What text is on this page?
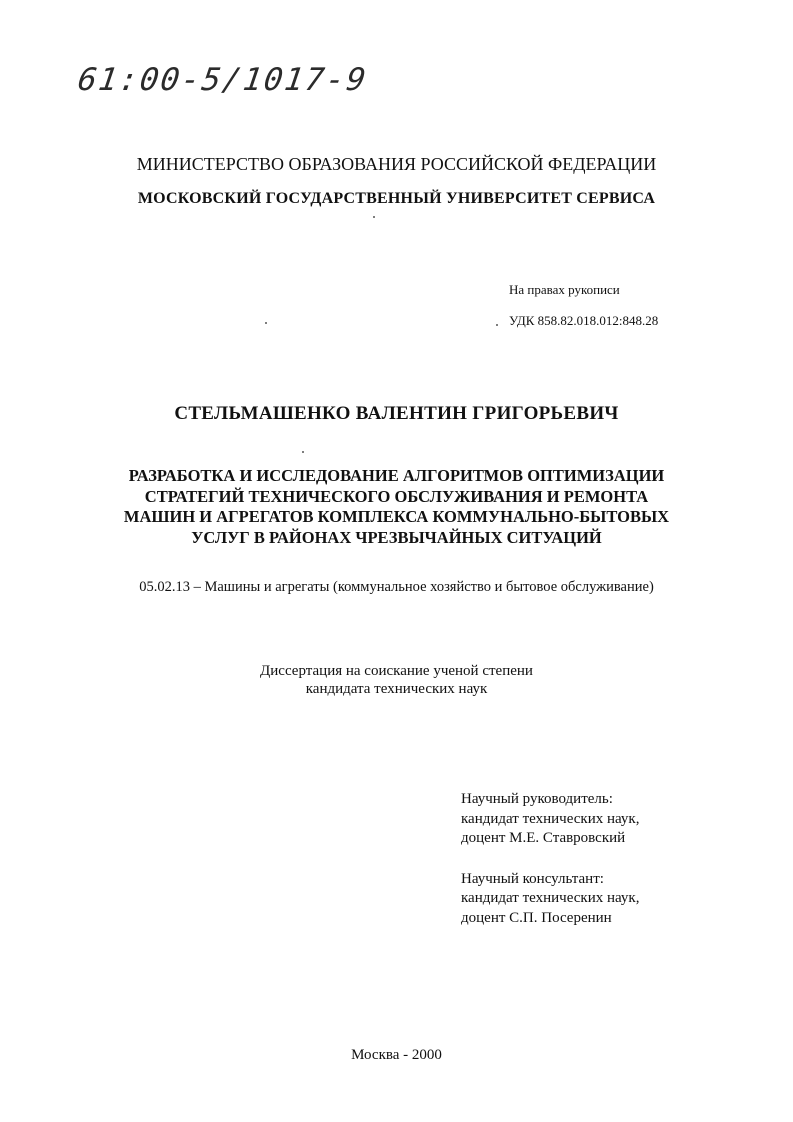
61:00-5/1017-9
МИНИСТЕРСТВО ОБРАЗОВАНИЯ РОССИЙСКОЙ ФЕДЕРАЦИИ
МОСКОВСКИЙ ГОСУДАРСТВЕННЫЙ УНИВЕРСИТЕТ СЕРВИСА
На правах рукописи
УДК 858.82.018.012:848.28
СТЕЛЬМАШЕНКО ВАЛЕНТИН ГРИГОРЬЕВИЧ
РАЗРАБОТКА И ИССЛЕДОВАНИЕ АЛГОРИТМОВ ОПТИМИЗАЦИИ
СТРАТЕГИЙ ТЕХНИЧЕСКОГО ОБСЛУЖИВАНИЯ И РЕМОНТА
МАШИН И АГРЕГАТОВ КОМПЛЕКСА КОММУНАЛЬНО-БЫТОВЫХ
УСЛУГ В РАЙОНАХ ЧРЕЗВЫЧАЙНЫХ СИТУАЦИЙ
05.02.13 – Машины и агрегаты (коммунальное хозяйство и бытовое обслуживание)
Диссертация на соискание ученой степени
кандидата технических наук
Научный руководитель:
кандидат технических наук,
доцент М.Е. Ставровский
Научный консультант:
кандидат технических наук,
доцент С.П. Посеренин
Москва - 2000
